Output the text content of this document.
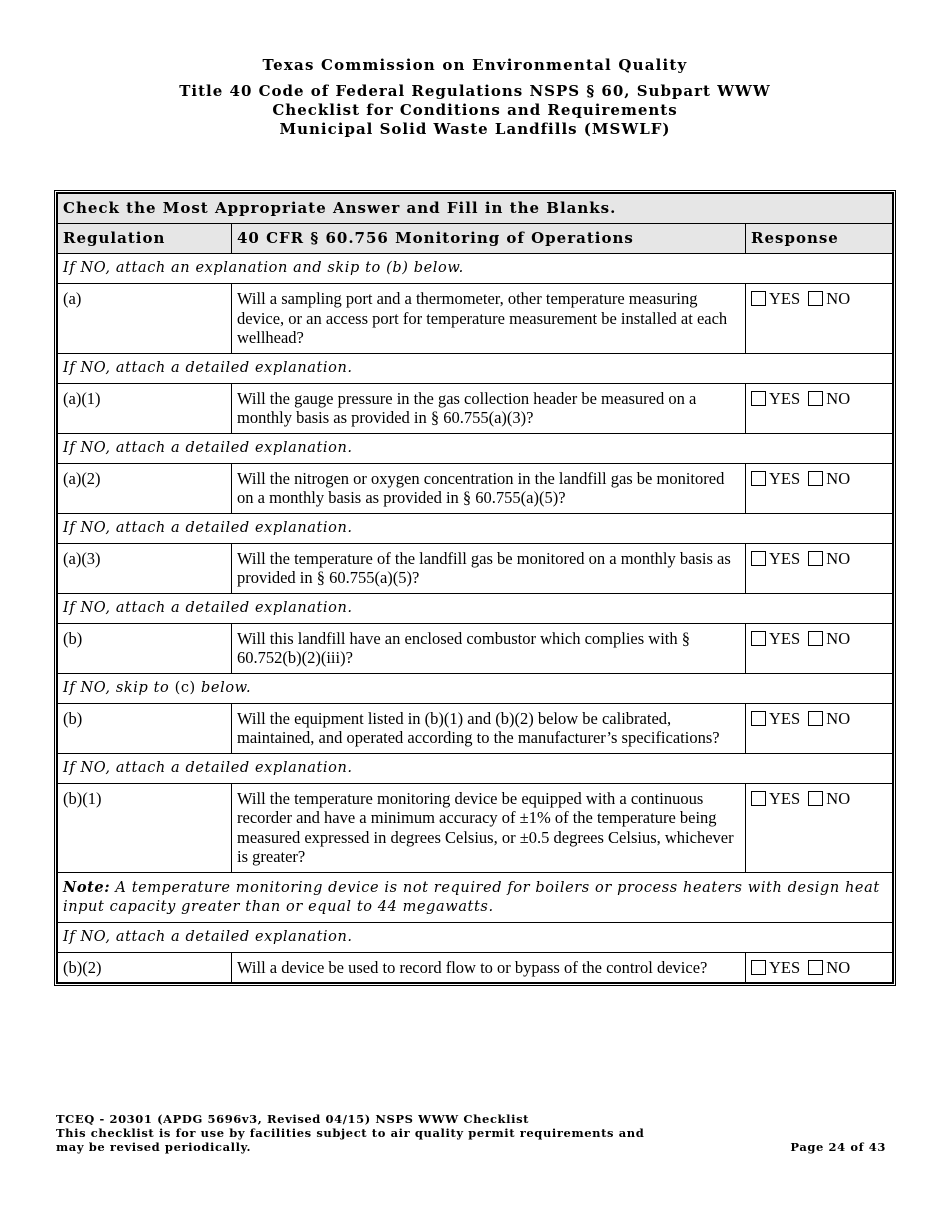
Texas Commission on Environmental Quality
Title 40 Code of Federal Regulations NSPS § 60, Subpart WWW
Checklist for Conditions and Requirements
Municipal Solid Waste Landfills (MSWLF)
Check the Most Appropriate Answer and Fill in the Blanks.		
Regulation	40 CFR § 60.756 Monitoring of Operations	Response
If NO, attach an explanation and skip to (b) below.		
(a)	Will a sampling port and a thermometer, other temperature measuring device, or an access port for temperature measurement be installed at each wellhead?	YES NO
If NO, attach a detailed explanation.		
(a)(1)	Will the gauge pressure in the gas collection header be measured on a monthly basis as provided in § 60.755(a)(3)?	YES NO
If NO, attach a detailed explanation.		
(a)(2)	Will the nitrogen or oxygen concentration in the landfill gas be monitored on a monthly basis as provided in § 60.755(a)(5)?	YES NO
If NO, attach a detailed explanation.		
(a)(3)	Will the temperature of the landfill gas be monitored on a monthly basis as provided in § 60.755(a)(5)?	YES NO
If NO, attach a detailed explanation.		
(b)	Will this landfill have an enclosed combustor which complies with § 60.752(b)(2)(iii)?	YES NO
If NO, skip to (c) below.		
(b)	Will the equipment listed in (b)(1) and (b)(2) below be calibrated, maintained, and operated according to the manufacturer’s specifications?	YES NO
If NO, attach a detailed explanation.		
(b)(1)	Will the temperature monitoring device be equipped with a continuous recorder and have a minimum accuracy of ±1% of the temperature being measured expressed in degrees Celsius, or ±0.5 degrees Celsius, whichever is greater?	YES NO
Note: A temperature monitoring device is not required for boilers or process heaters with design heat input capacity greater than or equal to 44 megawatts.		
If NO, attach a detailed explanation.		
(b)(2)	Will a device be used to record flow to or bypass of the control device?	YES NO
TCEQ - 20301 (APDG 5696v3, Revised 04/15) NSPS WWW Checklist
This checklist is for use by facilities subject to air quality permit requirements and
may be revised periodically.	Page 24 of 43
